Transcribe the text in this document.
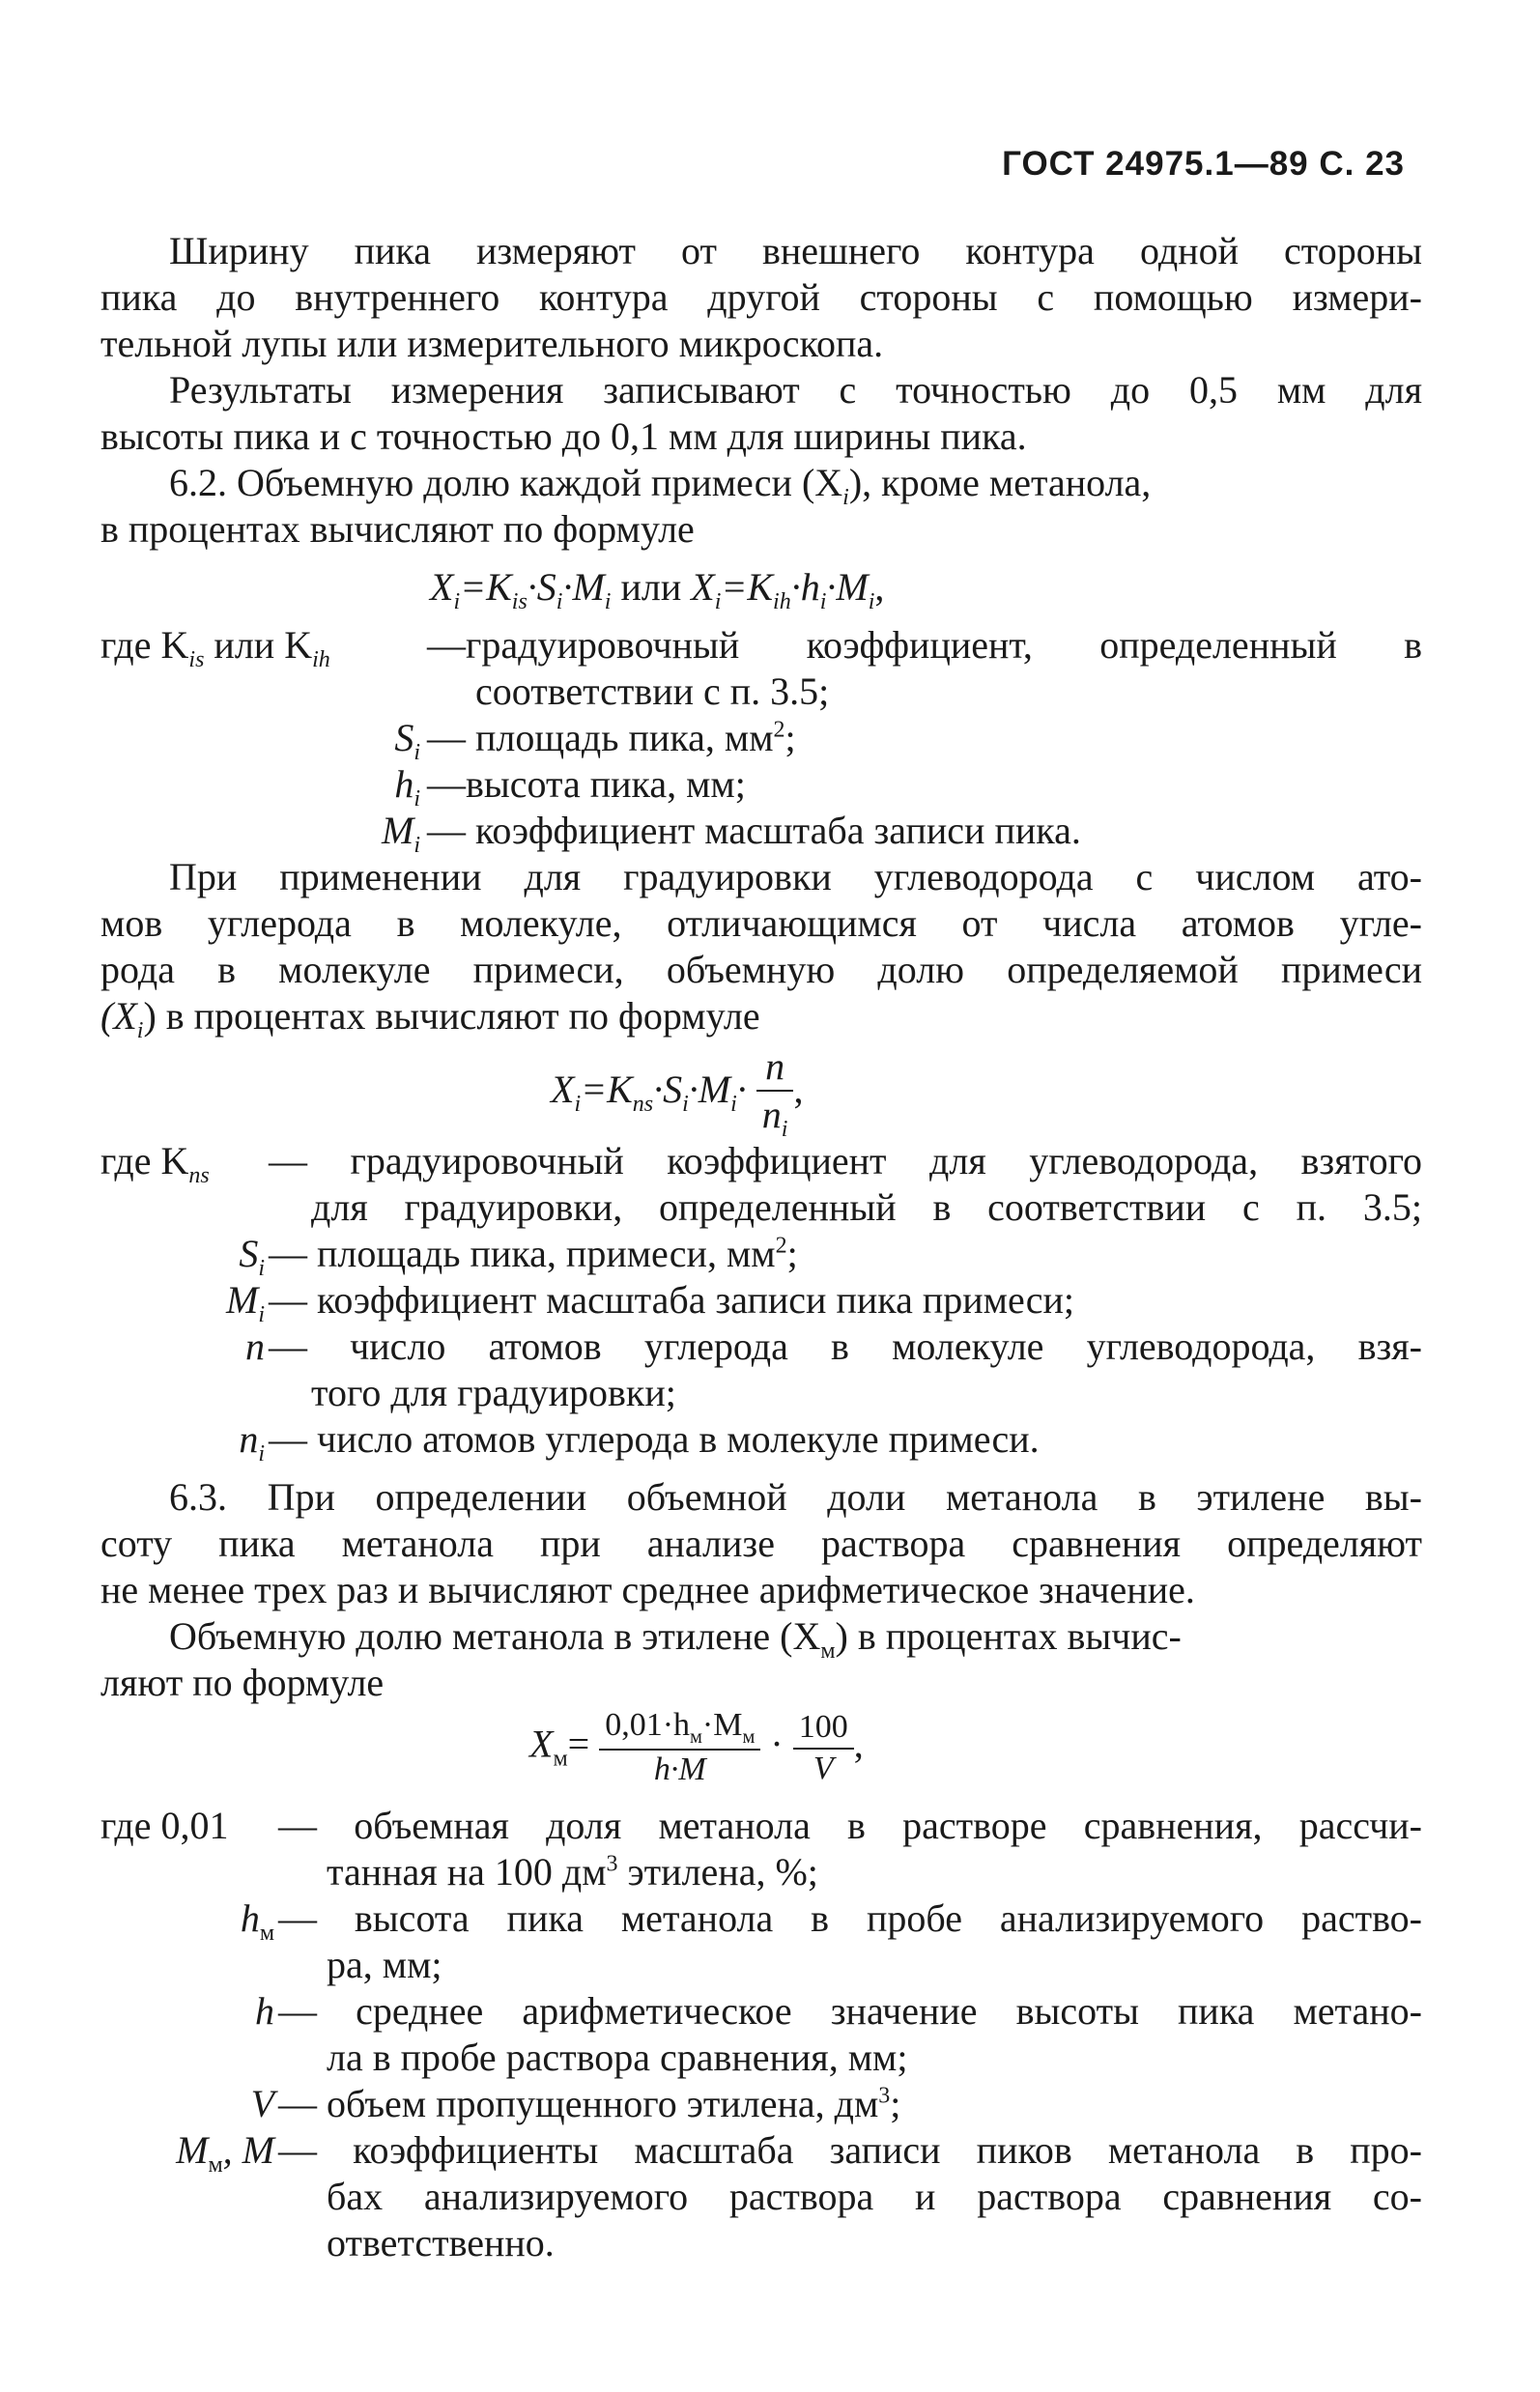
ГОСТ 24975.1—89 С. 23
Ширину пика измеряют от внешнего контура одной стороны
пика до внутреннего контура другой стороны с помощью измери-
тельной лупы или измерительного микроскопа.
Результаты измерения записывают с точностью до 0,5 мм для
высоты пика и с точностью до 0,1 мм для ширины пика.
6.2. Объемную долю каждой примеси $(X_i)$, кроме метанола,
в процентах вычисляют по формуле
$X_i=K_{is}\cdot S_i\cdot M_i$ или $X_i=K_{ih}\cdot h_i\cdot M_i$,
где $K_{is}$ или $K_{ih}$	—градуировочный коэффициент, определенный в
соответствии с п. 3.5;
$S_i$ — площадь пика, $мм^2$;
$h_i$ —высота пика, мм;
$M_i$ — коэффициент масштаба записи пика.
При применении для градуировки углеводорода с числом ато-
мов углерода в молекуле, отличающимся от числа атомов угле-
рода в молекуле примеси, объемную долю определяемой примеси
$(X_i)$ в процентах вычисляют по формуле
$X_i=K_{ns}\cdot S_i\cdot M_i\cdot \frac{n}{n_i}$ ,
где $K_{ns}$ — градуировочный коэффициент для углеводорода, взятого
для градуировки, определенный в соответствии с п. 3.5;
$S_i$ — площадь пика, примеси, $мм^2$;
$M_i$ — коэффициент масштаба записи пика примеси;
n — число атомов углерода в молекуле углеводорода, взя-
того для градуировки;
$n_i$ — число атомов углерода в молекуле примеси.
6.3. При определении объемной доли метанола в этилене вы-
соту пика метанола при анализе раствора сравнения определяют
не менее трех раз и вычисляют среднее арифметическое значение.
Объемную долю метанола в этилене $(X_м)$ в процентах вычис-
ляют по формуле
$X_м= \frac{0,01\cdot h_м\cdot M_м}{h\cdot M} \cdot \frac{100}{V}$ ,
где 0,01 — объемная доля метанола в растворе сравнения, рассчи-
танная на 100 $дм^3$ этилена, %;
$h_м$ — высота пика метанола в пробе анализируемого раство-
ра, мм;
h — среднее арифметическое значение высоты пика метано-
ла в пробе раствора сравнения, мм;
V — объем пропущенного этилена, $дм^3$;
$M_м$, M — коэффициенты масштаба записи пиков метанола в про-
бах анализируемого раствора и раствора сравнения со-
ответственно.
